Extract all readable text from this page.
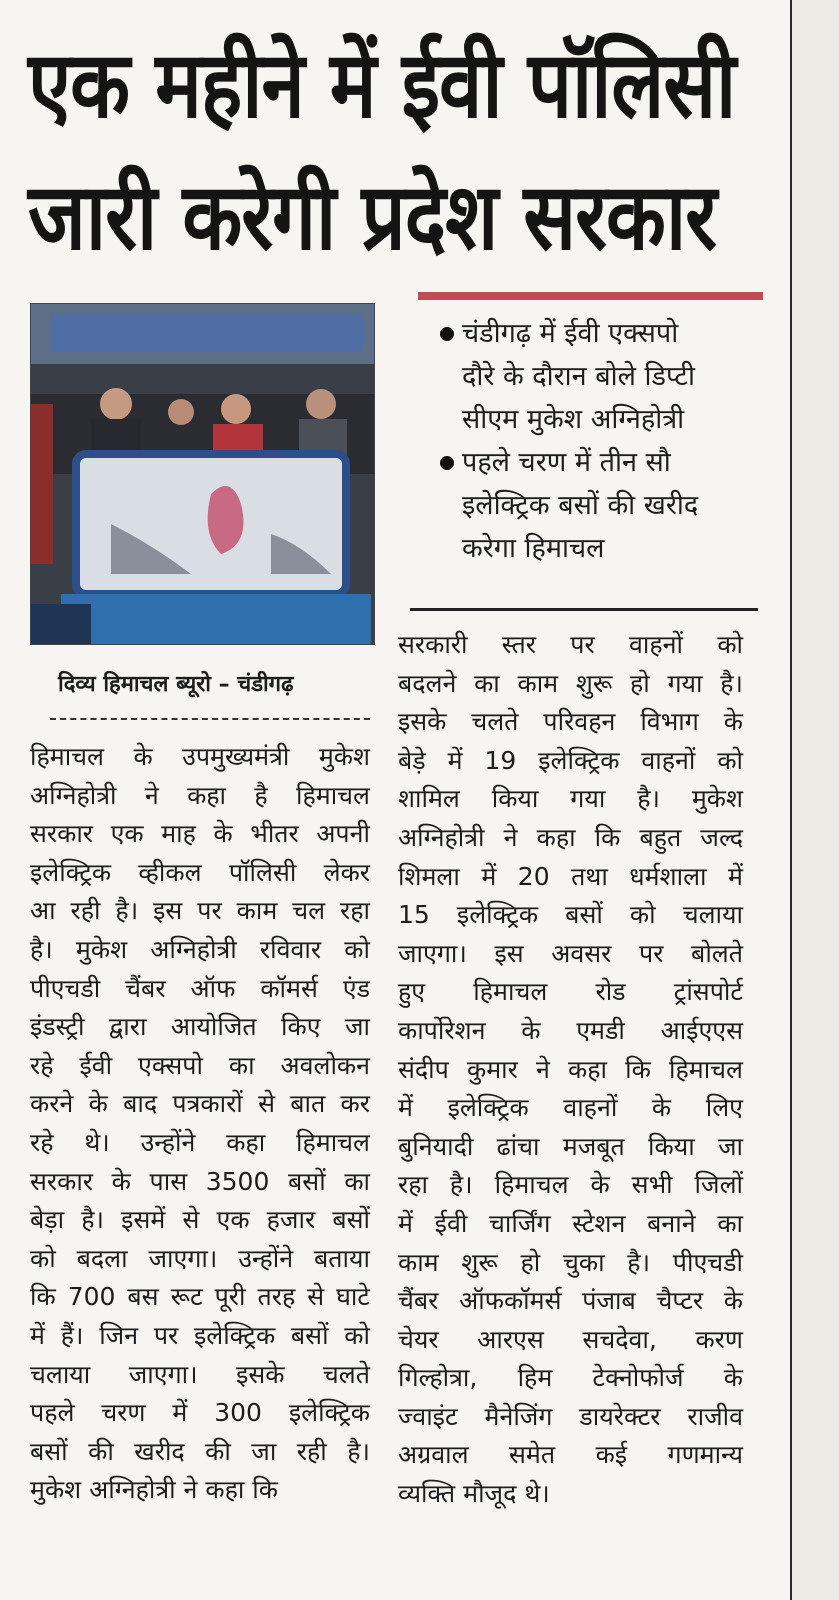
एक महीने में ईवी पॉलिसी
जारी करेगी प्रदेश सरकार
चंडीगढ़ में ईवी एक्सपो
दौरे के दौरान बोले डिप्टी
सीएम मुकेश अग्निहोत्री
पहले चरण में तीन सौ
इलेक्ट्रिक बसों की खरीद
करेगा हिमाचल
दिव्य हिमाचल ब्यूरो – चंडीगढ़
हिमाचल के उपमुख्यमंत्री मुकेश
अग्निहोत्री ने कहा है हिमाचल
सरकार एक माह के भीतर अपनी
इलेक्ट्रिक व्हीकल पॉलिसी लेकर
आ रही है। इस पर काम चल रहा
है। मुकेश अग्निहोत्री रविवार को
पीएचडी चैंबर ऑफ कॉमर्स एंड
इंडस्ट्री द्वारा आयोजित किए जा
रहे ईवी एक्सपो का अवलोकन
करने के बाद पत्रकारों से बात कर
रहे थे। उन्होंने कहा हिमाचल
सरकार के पास 3500 बसों का
बेड़ा है। इसमें से एक हजार बसों
को बदला जाएगा। उन्होंने बताया
कि 700 बस रूट पूरी तरह से घाटे
में हैं। जिन पर इलेक्ट्रिक बसों को
चलाया जाएगा। इसके चलते
पहले चरण में 300 इलेक्ट्रिक
बसों की खरीद की जा रही है।
मुकेश अग्निहोत्री ने कहा कि
सरकारी स्तर पर वाहनों को
बदलने का काम शुरू हो गया है।
इसके चलते परिवहन विभाग के
बेड़े में 19 इलेक्ट्रिक वाहनों को
शामिल किया गया है। मुकेश
अग्निहोत्री ने कहा कि बहुत जल्द
शिमला में 20 तथा धर्मशाला में
15 इलेक्ट्रिक बसों को चलाया
जाएगा। इस अवसर पर बोलते
हुए हिमाचल रोड ट्रांसपोर्ट
कार्पोरेशन के एमडी आईएएस
संदीप कुमार ने कहा कि हिमाचल
में इलेक्ट्रिक वाहनों के लिए
बुनियादी ढांचा मजबूत किया जा
रहा है। हिमाचल के सभी जिलों
में ईवी चार्जिंग स्टेशन बनाने का
काम शुरू हो चुका है। पीएचडी
चैंबर ऑफकॉमर्स पंजाब चैप्टर के
चेयर आरएस सचदेवा, करण
गिल्होत्रा, हिम टेक्नोफोर्ज के
ज्वाइंट मैनेजिंग डायरेक्टर राजीव
अग्रवाल समेत कई गणमान्य
व्यक्ति मौजूद थे।
